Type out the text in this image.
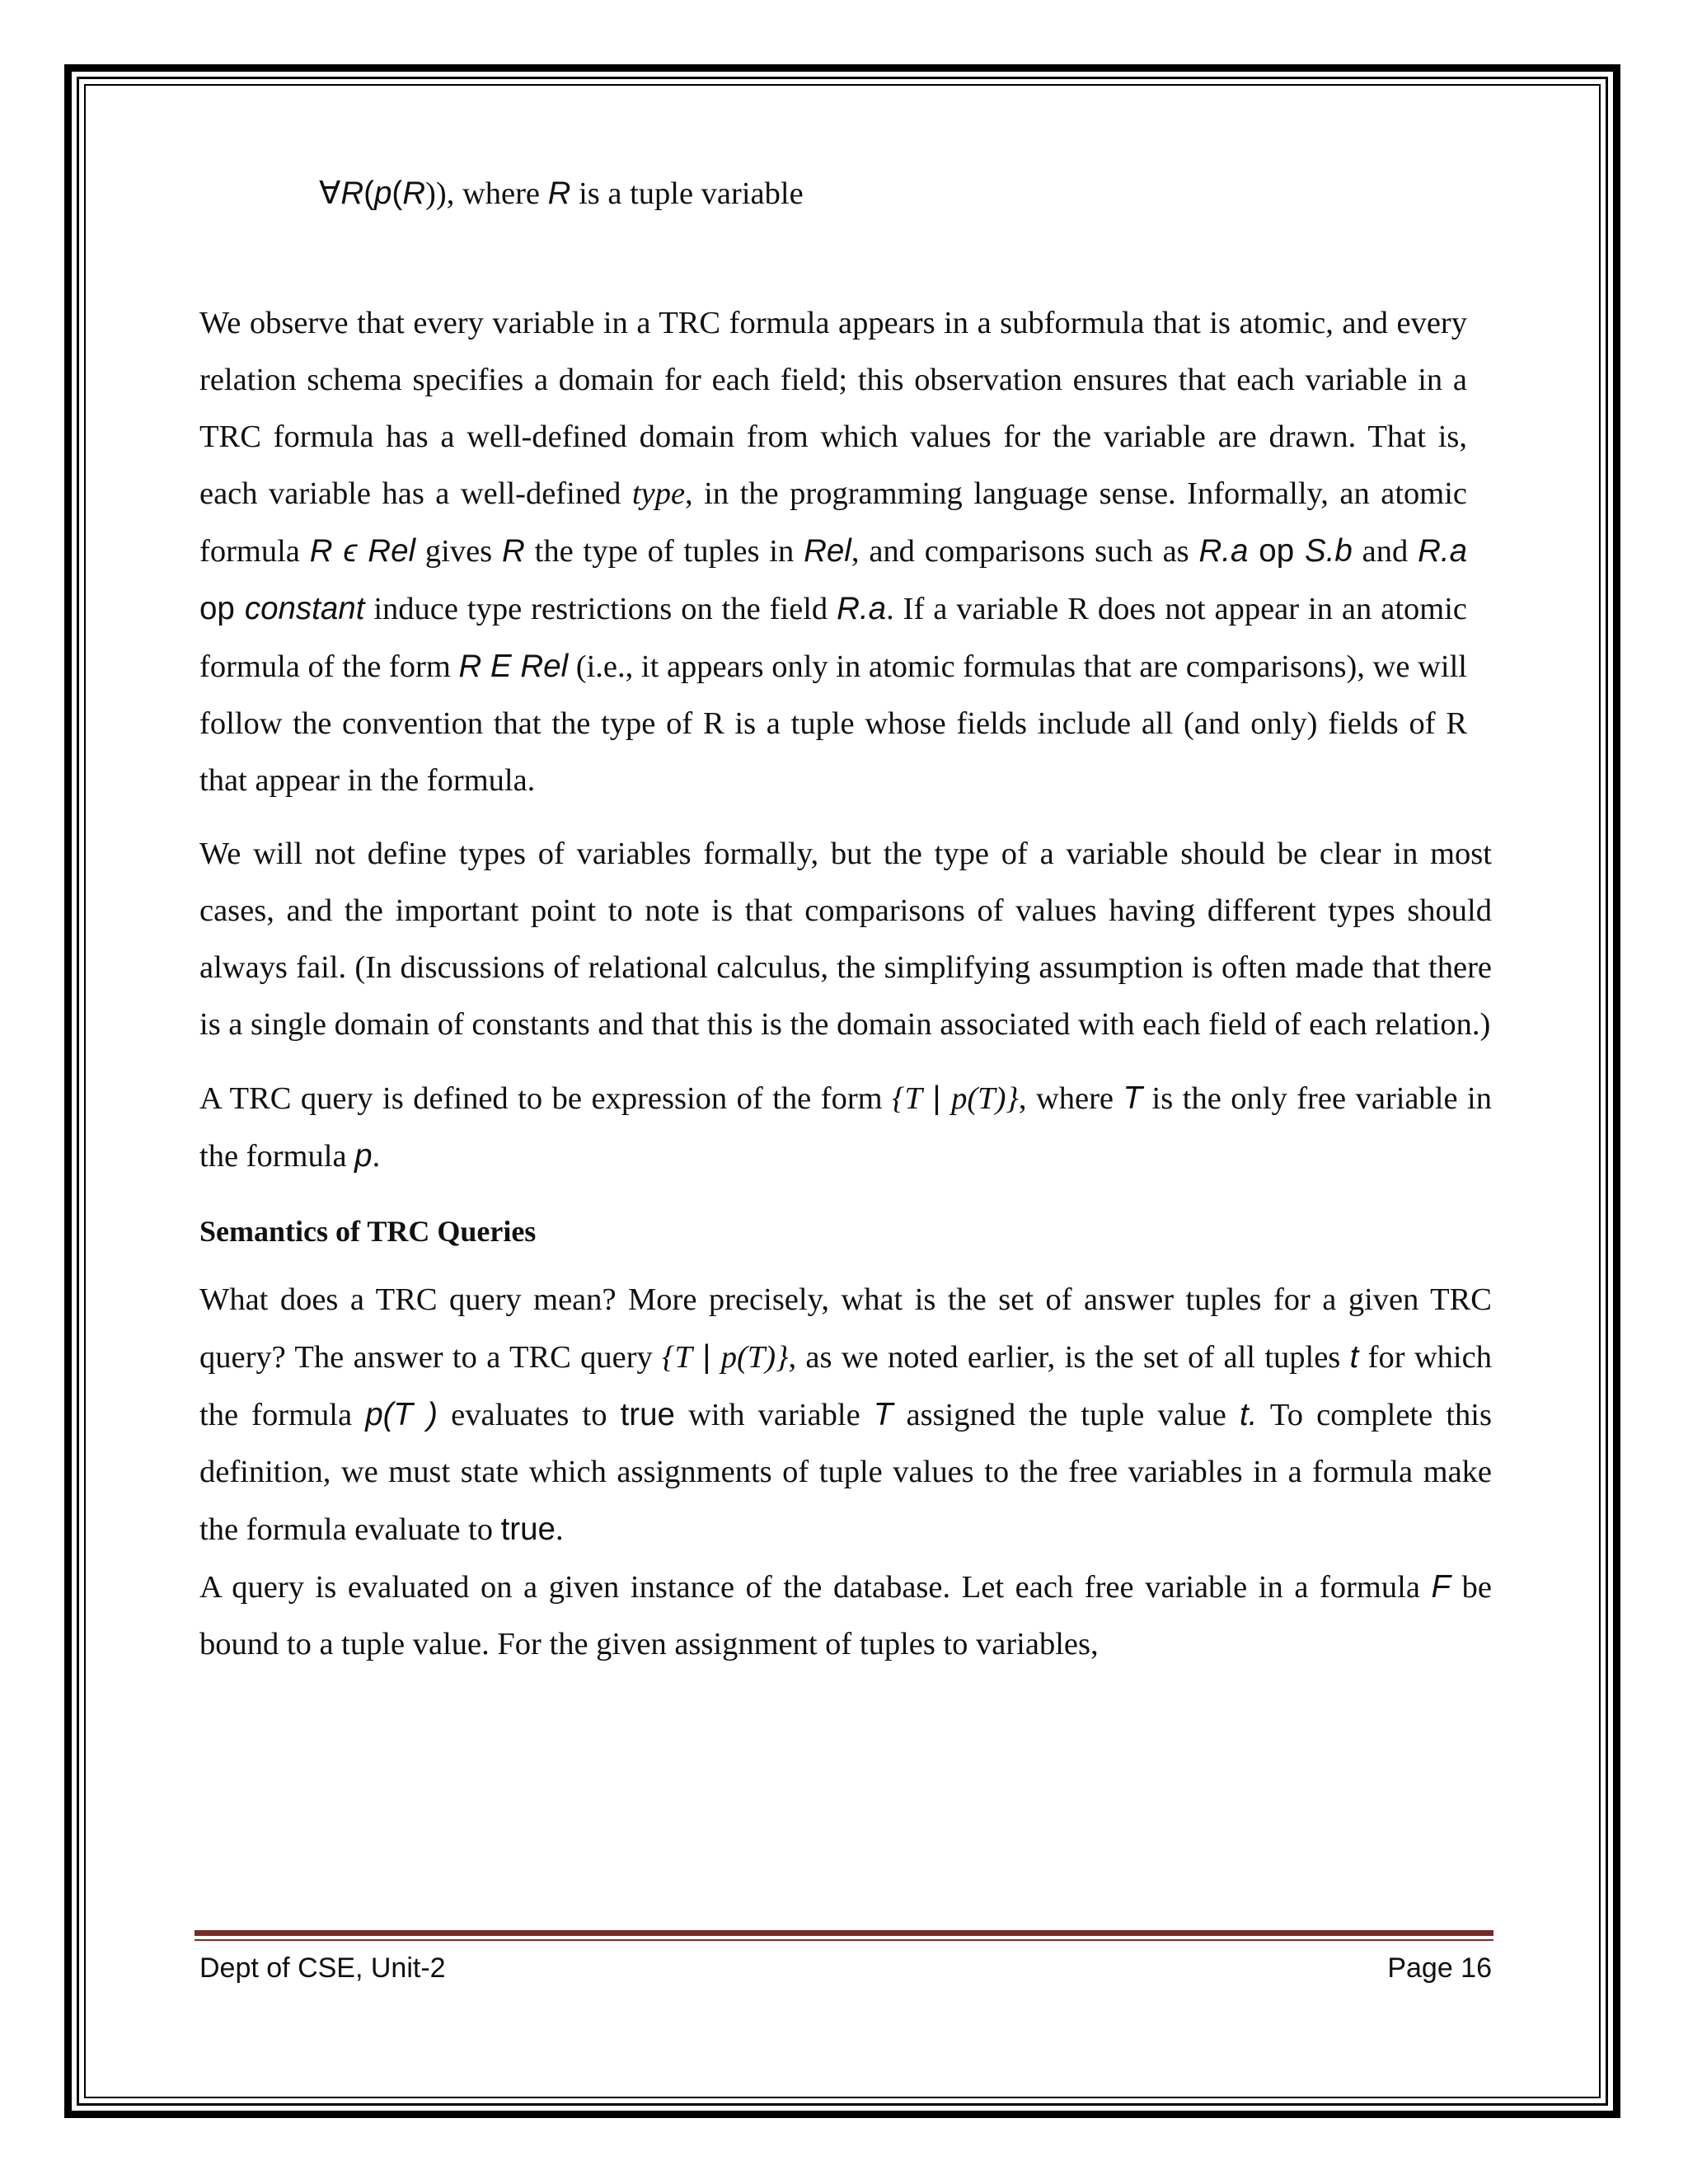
∀R(p(R)), where R is a tuple variable

We observe that every variable in a TRC formula appears in a subformula that is atomic, and every relation schema specifies a domain for each field; this observation ensures that each variable in a TRC formula has a well-defined domain from which values for the variable are drawn. That is, each variable has a well-defined type, in the programming language sense. Informally, an atomic formula R ϵ Rel gives R the type of tuples in Rel, and comparisons such as R.a op S.b and R.a op constant induce type restrictions on the field R.a. If a variable R does not appear in an atomic formula of the form R E Rel (i.e., it appears only in atomic formulas that are comparisons), we will follow the convention that the type of R is a tuple whose fields include all (and only) fields of R that appear in the formula.

We will not define types of variables formally, but the type of a variable should be clear in most cases, and the important point to note is that comparisons of values having different types should always fail. (In discussions of relational calculus, the simplifying assumption is often made that there is a single domain of constants and that this is the domain associated with each field of each relation.)

A TRC query is defined to be expression of the form {T | p(T)}, where T is the only free variable in the formula p.

Semantics of TRC Queries

What does a TRC query mean? More precisely, what is the set of answer tuples for a given TRC query? The answer to a TRC query {T | p(T)}, as we noted earlier, is the set of all tuples t for which the formula p(T ) evaluates to true with variable T assigned the tuple value t. To complete this definition, we must state which assignments of tuple values to the free variables in a formula make the formula evaluate to true.

A query is evaluated on a given instance of the database. Let each free variable in a formula F be bound to a tuple value. For the given assignment of tuples to variables,

Dept of CSE, Unit-2	Page 16
